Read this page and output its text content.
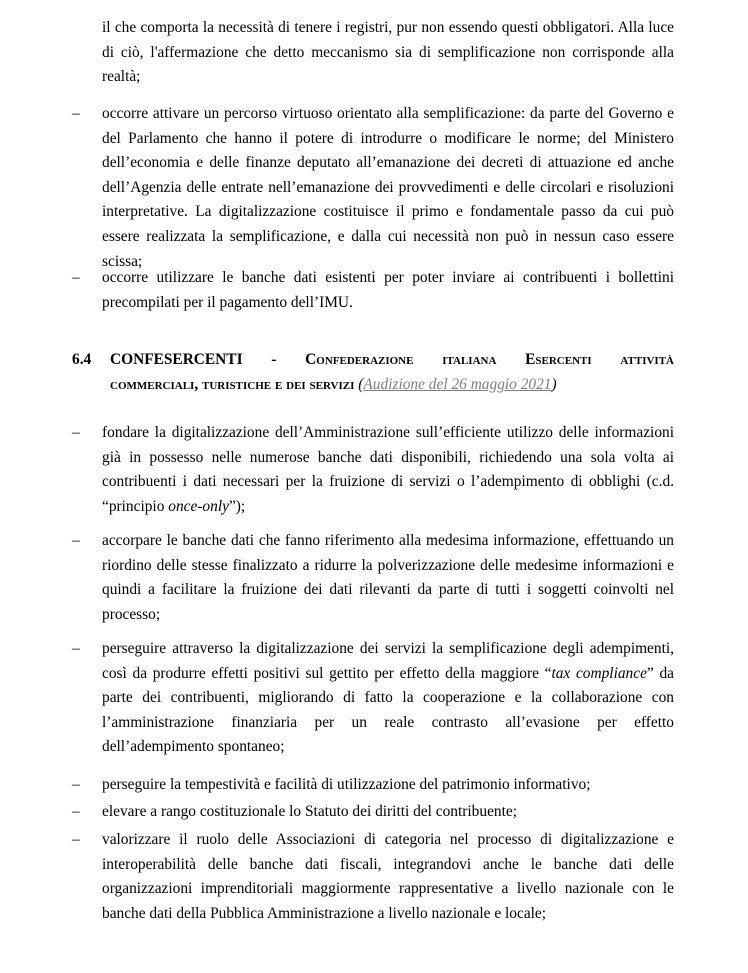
il che comporta la necessità di tenere i registri, pur non essendo questi obbligatori. Alla luce di ciò, l'affermazione che detto meccanismo sia di semplificazione non corrisponde alla realtà;
– occorre attivare un percorso virtuoso orientato alla semplificazione: da parte del Governo e del Parlamento che hanno il potere di introdurre o modificare le norme; del Ministero dell’economia e delle finanze deputato all’emanazione dei decreti di attuazione ed anche dell’Agenzia delle entrate nell’emanazione dei provvedimenti e delle circolari e risoluzioni interpretative. La digitalizzazione costituisce il primo e fondamentale passo da cui può essere realizzata la semplificazione, e dalla cui necessità non può in nessun caso essere scissa;
– occorre utilizzare le banche dati esistenti per poter inviare ai contribuenti i bollettini precompilati per il pagamento dell’IMU.
6.4 CONFESERCENTI - Confederazione italiana Esercenti attività
commerciali, turistiche e dei servizi (Audizione del 26 maggio 2021)
– fondare la digitalizzazione dell’Amministrazione sull’efficiente utilizzo delle informazioni già in possesso nelle numerose banche dati disponibili, richiedendo una sola volta ai contribuenti i dati necessari per la fruizione di servizi o l’adempimento di obblighi (c.d. “principio once-only”);
– accorpare le banche dati che fanno riferimento alla medesima informazione, effettuando un riordino delle stesse finalizzato a ridurre la polverizzazione delle medesime informazioni e quindi a facilitare la fruizione dei dati rilevanti da parte di tutti i soggetti coinvolti nel processo;
– perseguire attraverso la digitalizzazione dei servizi la semplificazione degli adempimenti, così da produrre effetti positivi sul gettito per effetto della maggiore “tax compliance” da parte dei contribuenti, migliorando di fatto la cooperazione e la collaborazione con l’amministrazione finanziaria per un reale contrasto all’evasione per effetto dell’adempimento spontaneo;
– perseguire la tempestività e facilità di utilizzazione del patrimonio informativo;
– elevare a rango costituzionale lo Statuto dei diritti del contribuente;
– valorizzare il ruolo delle Associazioni di categoria nel processo di digitalizzazione e interoperabilità delle banche dati fiscali, integrandovi anche le banche dati delle organizzazioni imprenditoriali maggiormente rappresentative a livello nazionale con le banche dati della Pubblica Amministrazione a livello nazionale e locale;
